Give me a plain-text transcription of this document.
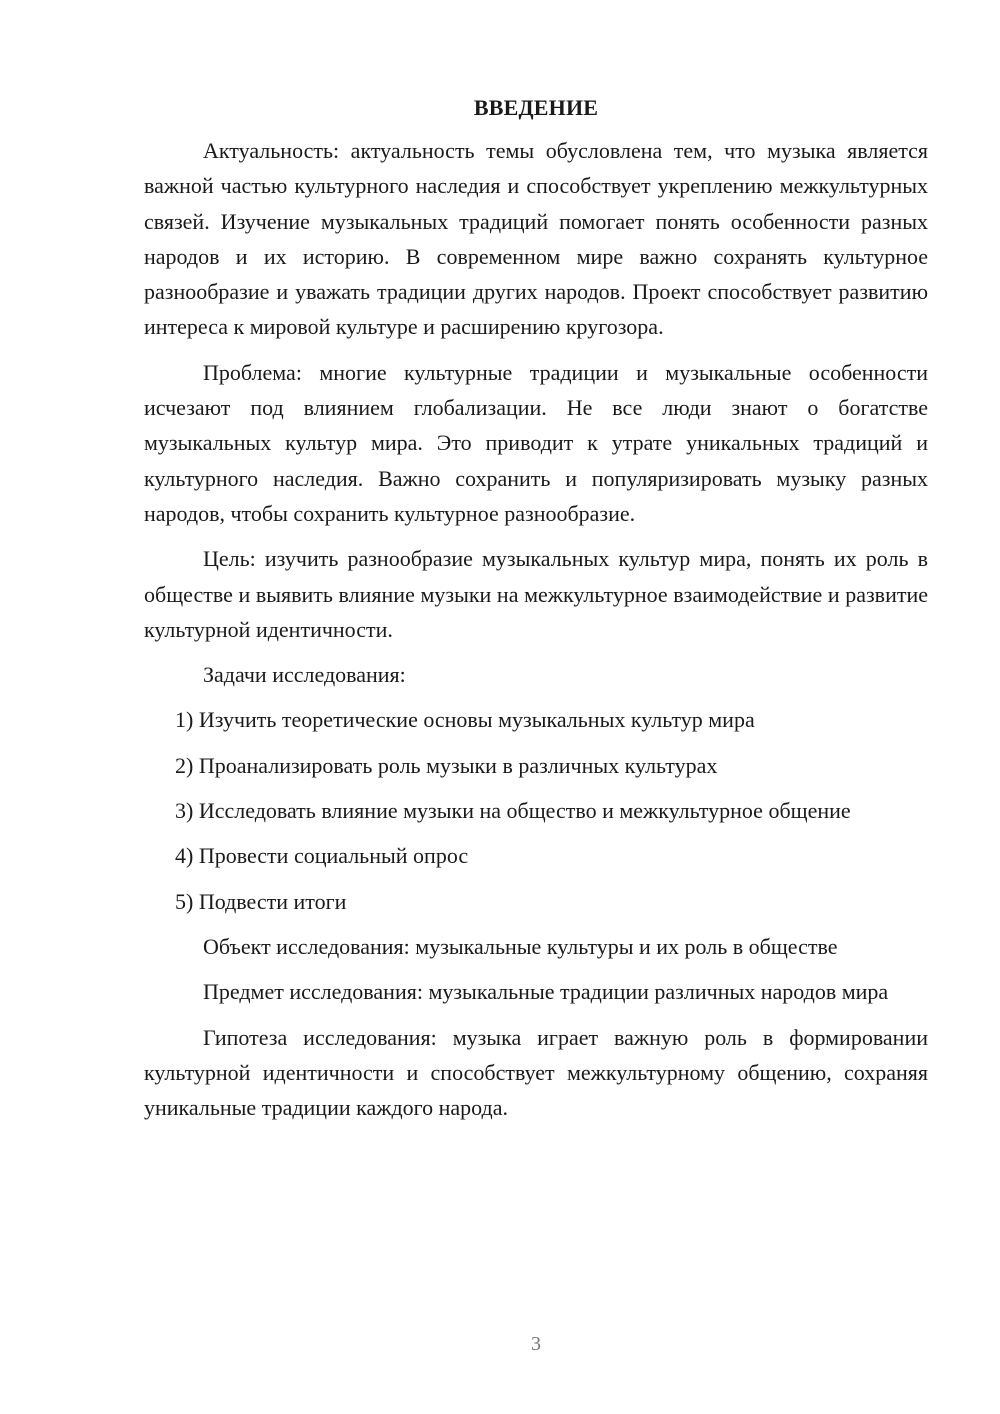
ВВЕДЕНИЕ

Актуальность: актуальность темы обусловлена тем, что музыка является важной частью культурного наследия и способствует укреплению межкультурных связей. Изучение музыкальных традиций помогает понять особенности разных народов и их историю. В современном мире важно сохранять культурное разнообразие и уважать традиции других народов. Проект способствует развитию интереса к мировой культуре и расширению кругозора.

Проблема: многие культурные традиции и музыкальные особенности исчезают под влиянием глобализации. Не все люди знают о богатстве музыкальных культур мира. Это приводит к утрате уникальных традиций и культурного наследия. Важно сохранить и популяризировать музыку разных народов, чтобы сохранить культурное разнообразие.

Цель: изучить разнообразие музыкальных культур мира, понять их роль в обществе и выявить влияние музыки на межкультурное взаимодействие и развитие культурной идентичности.

Задачи исследования:

1) Изучить теоретические основы музыкальных культур мира

2) Проанализировать роль музыки в различных культурах

3) Исследовать влияние музыки на общество и межкультурное общение

4) Провести социальный опрос

5) Подвести итоги

Объект исследования: музыкальные культуры и их роль в обществе

Предмет исследования: музыкальные традиции различных народов мира

Гипотеза исследования: музыка играет важную роль в формировании культурной идентичности и способствует межкультурному общению, сохраняя уникальные традиции каждого народа.

3
